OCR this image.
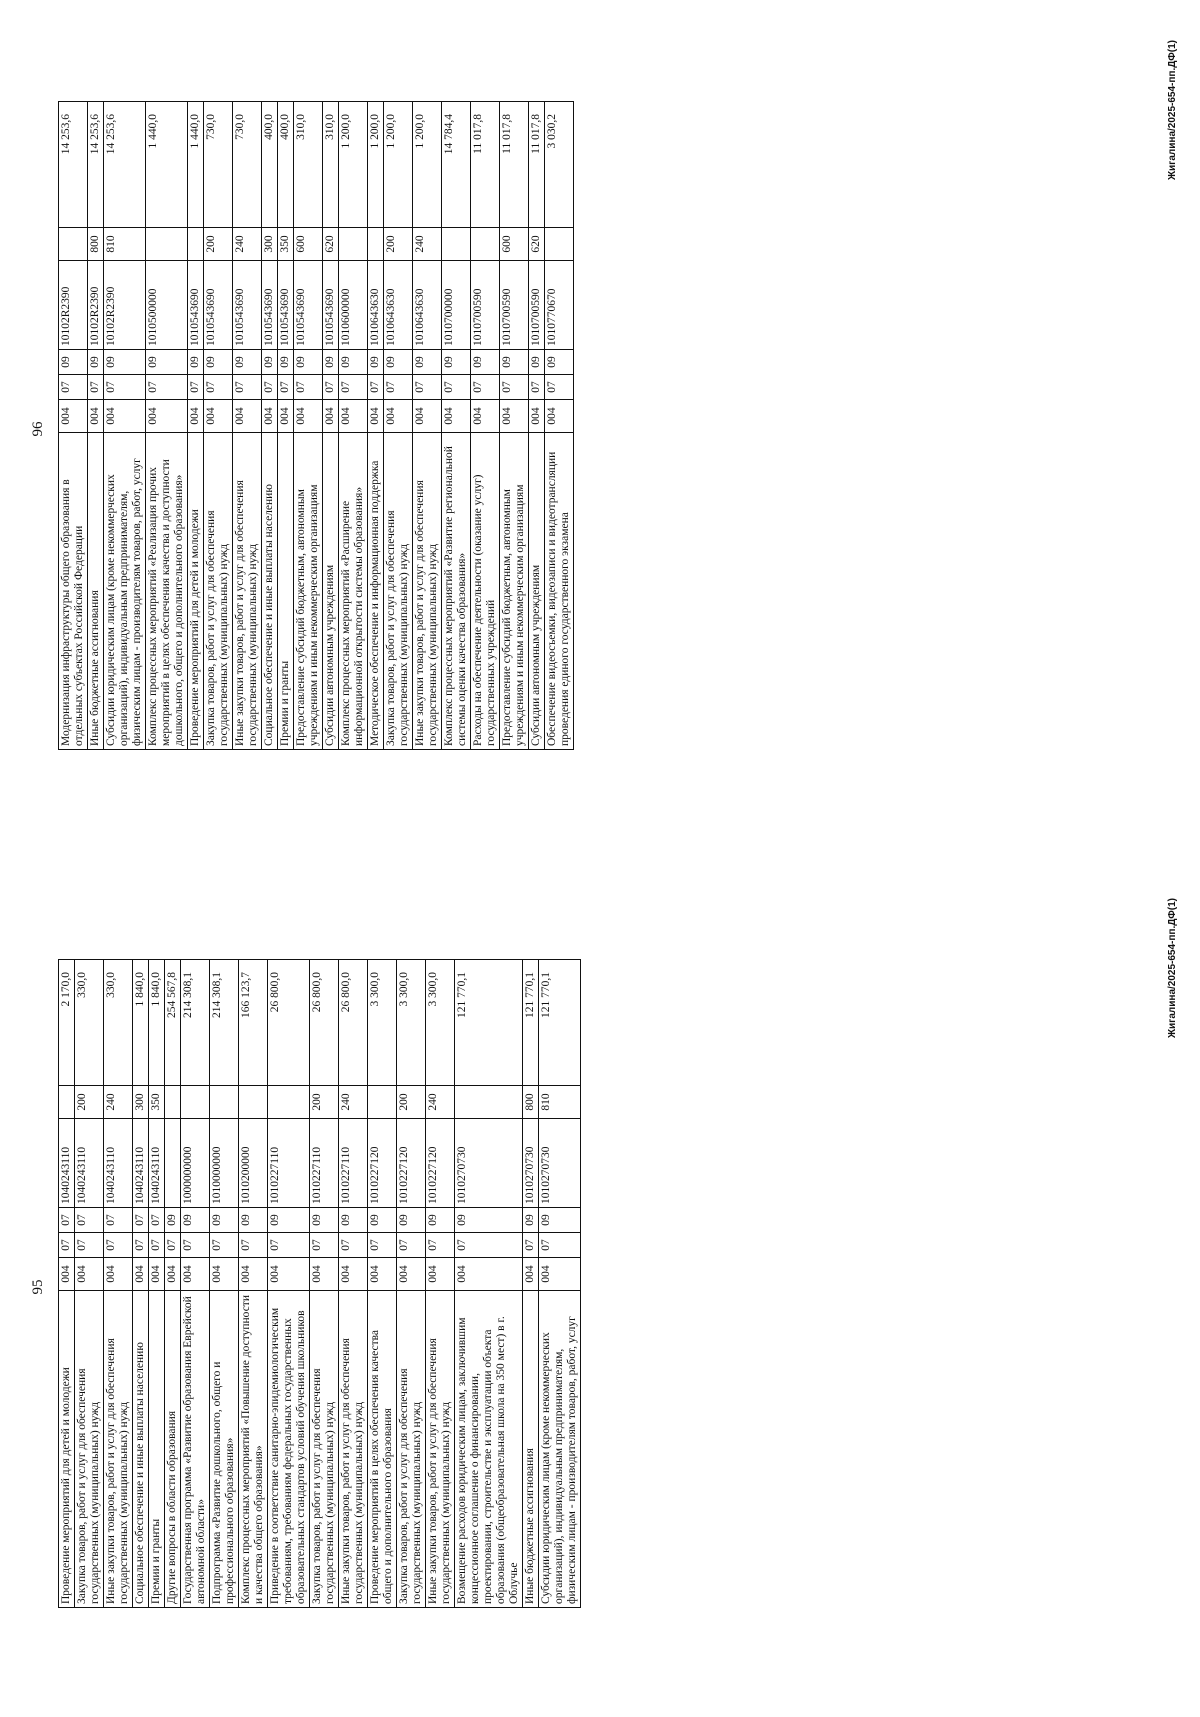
96
Модернизация инфраструктуры общего образования в отдельных субъектах Российской Федерации	004	07	09	10102R2390		14 253,6
Иные бюджетные ассигнования	004	07	09	10102R2390	800	14 253,6
Субсидии юридическим лицам (кроме некоммерческих организаций), индивидуальным предпринимателям, физическим лицам - производителям товаров, работ, услуг	004	07	09	10102R2390	810	14 253,6
Комплекс процессных мероприятий «Реализация прочих мероприятий в целях обеспечения качества и доступности дошкольного, общего и дополнительного образования»	004	07	09	1010500000		1 440,0
Проведение мероприятий для детей и молодежи	004	07	09	1010543690		1 440,0
Закупка товаров, работ и услуг для обеспечения государственных (муниципальных) нужд	004	07	09	1010543690	200	730,0
Иные закупки товаров, работ и услуг для обеспечения государственных (муниципальных) нужд	004	07	09	1010543690	240	730,0
Социальное обеспечение и иные выплаты населению	004	07	09	1010543690	300	400,0
Премии и гранты	004	07	09	1010543690	350	400,0
Предоставление субсидий бюджетным, автономным учреждениям и иным некоммерческим организациям	004	07	09	1010543690	600	310,0
Субсидии автономным учреждениям	004	07	09	1010543690	620	310,0
Комплекс процессных мероприятий «Расширение информационной открытости системы образования»	004	07	09	1010600000		1 200,0
Методическое обеспечение и информационная поддержка	004	07	09	1010643630		1 200,0
Закупка товаров, работ и услуг для обеспечения государственных (муниципальных) нужд	004	07	09	1010643630	200	1 200,0
Иные закупки товаров, работ и услуг для обеспечения государственных (муниципальных) нужд	004	07	09	1010643630	240	1 200,0
Комплекс процессных мероприятий «Развитие региональной системы оценки качества образования»	004	07	09	1010700000		14 784,4
Расходы на обеспечение деятельности (оказание услуг) государственных учреждений	004	07	09	1010700590		11 017,8
Предоставление субсидий бюджетным, автономным учреждениям и иным некоммерческим организациям	004	07	09	1010700590	600	11 017,8
Субсидии автономным учреждениям	004	07	09	1010700590	620	11 017,8
Обеспечение видеосъемки, видеозаписи и видеотрансляции проведения единого государственного экзамена	004	07	09	1010770670		3 030,2	Жигалина/2025-654-пп.ДФ(1)
95
Проведение мероприятий для детей и молодежи	004	07	07	1040243110		2 170,0
Закупка товаров, работ и услуг для обеспечения государственных (муниципальных) нужд	004	07	07	1040243110	200	330,0
Иные закупки товаров, работ и услуг для обеспечения государственных (муниципальных) нужд	004	07	07	1040243110	240	330,0
Социальное обеспечение и иные выплаты населению	004	07	07	1040243110	300	1 840,0
Премии и гранты	004	07	07	1040243110	350	1 840,0
Другие вопросы в области образования	004	07	09			254 567,8
Государственная программа «Развитие образования Еврейской автономной области»	004	07	09	1000000000		214 308,1
Подпрограмма «Развитие дошкольного, общего и профессионального образования»	004	07	09	1010000000		214 308,1
Комплекс процессных мероприятий «Повышение доступности и качества общего образования»	004	07	09	1010200000		166 123,7
Приведение в соответствие санитарно-эпидемиологическим требованиям, требованиям федеральных государственных образовательных стандартов условий обучения школьников	004	07	09	1010227110		26 800,0
Закупка товаров, работ и услуг для обеспечения государственных (муниципальных) нужд	004	07	09	1010227110	200	26 800,0
Иные закупки товаров, работ и услуг для обеспечения государственных (муниципальных) нужд	004	07	09	1010227110	240	26 800,0
Проведение мероприятий в целях обеспечения качества общего и дополнительного образования	004	07	09	1010227120		3 300,0
Закупка товаров, работ и услуг для обеспечения государственных (муниципальных) нужд	004	07	09	1010227120	200	3 300,0
Иные закупки товаров, работ и услуг для обеспечения государственных (муниципальных) нужд	004	07	09	1010227120	240	3 300,0
Возмещение расходов юридическим лицам, заключившим концессионное соглашение о финансировании, проектировании, строительстве и эксплуатации объекта образования (общеобразовательная школа на 350 мест) в г. Облучье	004	07	09	1010270730		121 770,1
Иные бюджетные ассигнования	004	07	09	1010270730	800	121 770,1
Субсидии юридическим лицам (кроме некоммерческих организаций), индивидуальным предпринимателям, физическим лицам - производителям товаров, работ, услуг	004	07	09	1010270730	810	121 770,1	Жигалина/2025-654-пп.ДФ(1)
